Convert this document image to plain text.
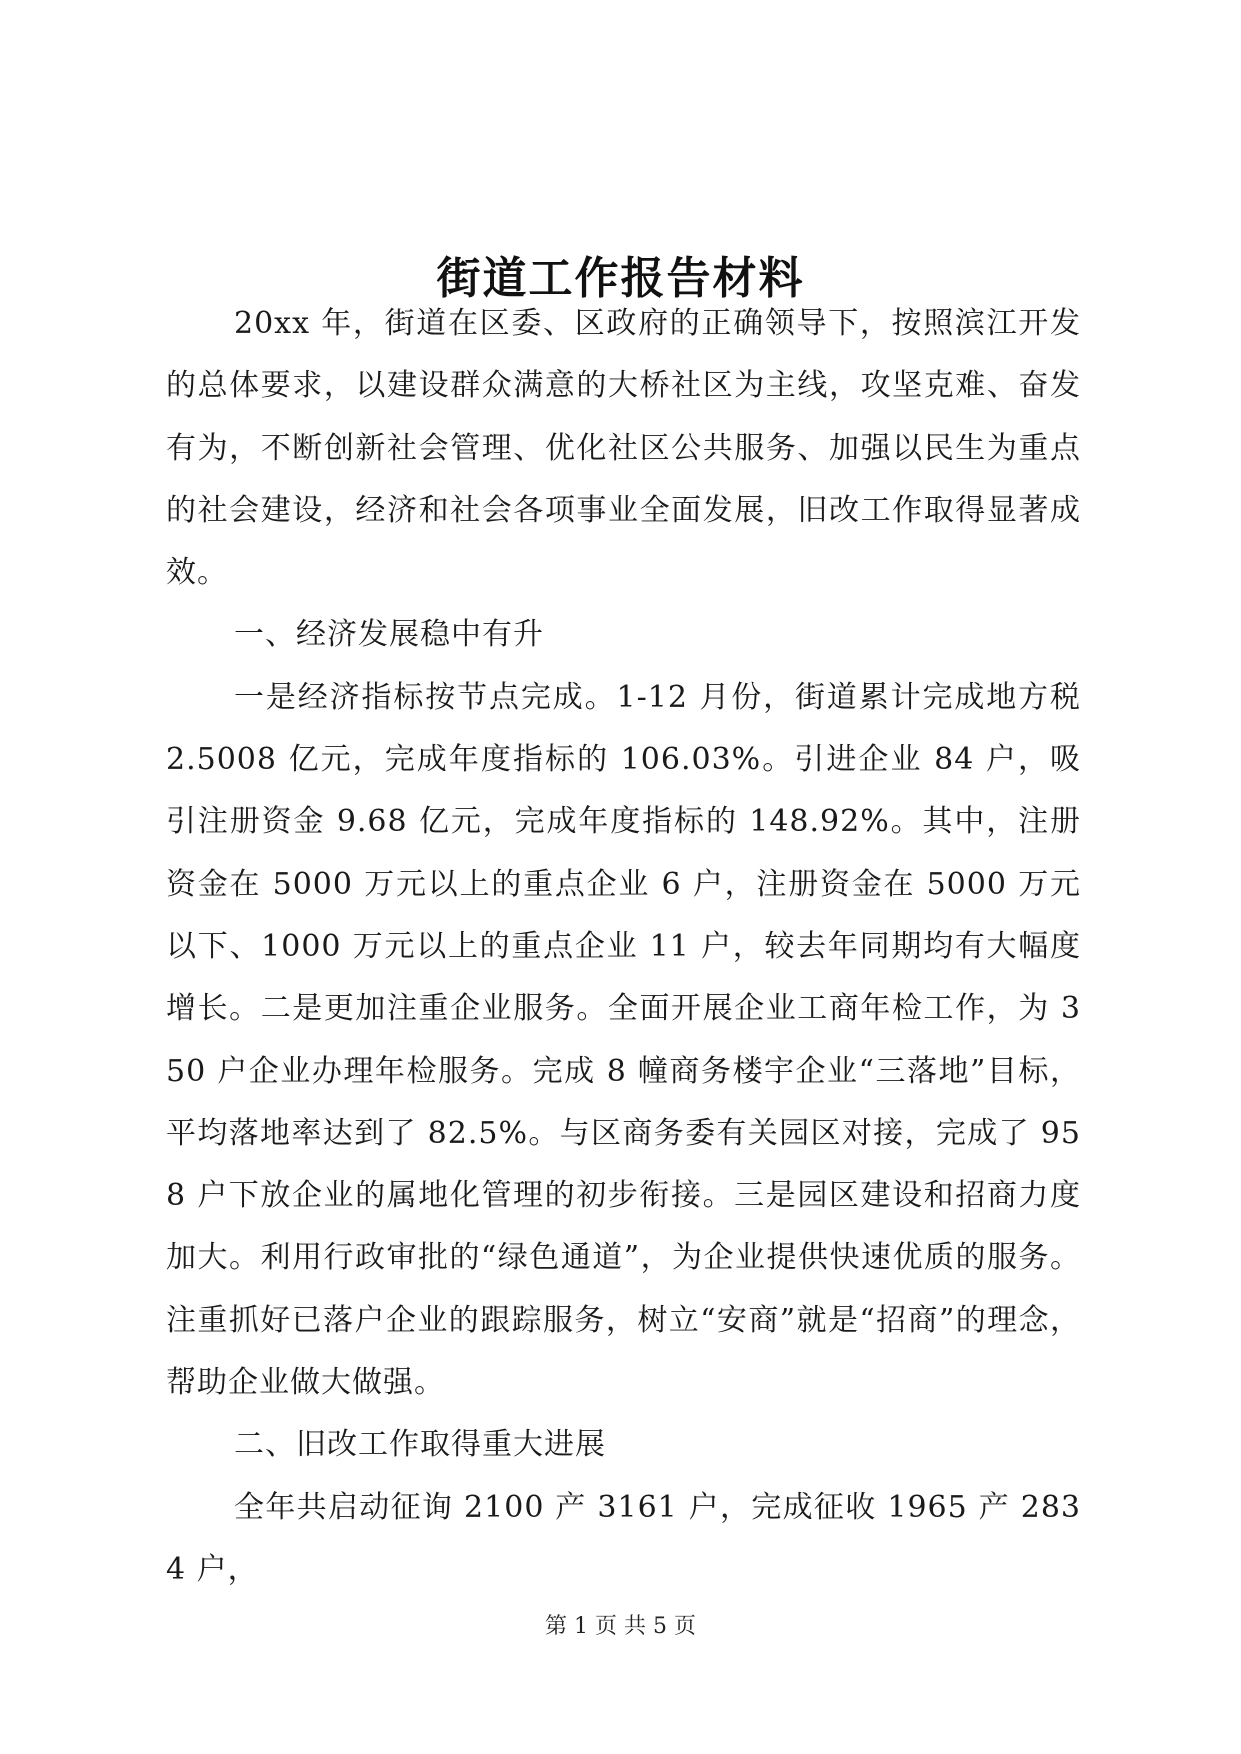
街道工作报告材料

20xx 年，街道在区委、区政府的正确领导下，按照滨江开发的总体要求，以建设群众满意的大桥社区为主线，攻坚克难、奋发有为，不断创新社会管理、优化社区公共服务、加强以民生为重点的社会建设，经济和社会各项事业全面发展，旧改工作取得显著成效。

一、经济发展稳中有升

一是经济指标按节点完成。1-12 月份，街道累计完成地方税 2.5008 亿元，完成年度指标的 106.03%。引进企业 84 户，吸引注册资金 9.68 亿元，完成年度指标的 148.92%。其中，注册资金在 5000 万元以上的重点企业 6 户，注册资金在 5000 万元以下、1000 万元以上的重点企业 11 户，较去年同期均有大幅度增长。二是更加注重企业服务。全面开展企业工商年检工作，为 350 户企业办理年检服务。完成 8 幢商务楼宇企业“三落地”目标，平均落地率达到了 82.5%。与区商务委有关园区对接，完成了 958 户下放企业的属地化管理的初步衔接。三是园区建设和招商力度加大。利用行政审批的“绿色通道”，为企业提供快速优质的服务。注重抓好已落户企业的跟踪服务，树立“安商”就是“招商”的理念，帮助企业做大做强。

二、旧改工作取得重大进展

全年共启动征询 2100 产 3161 户，完成征收 1965 产 2834 户，

第 1 页 共 5 页
